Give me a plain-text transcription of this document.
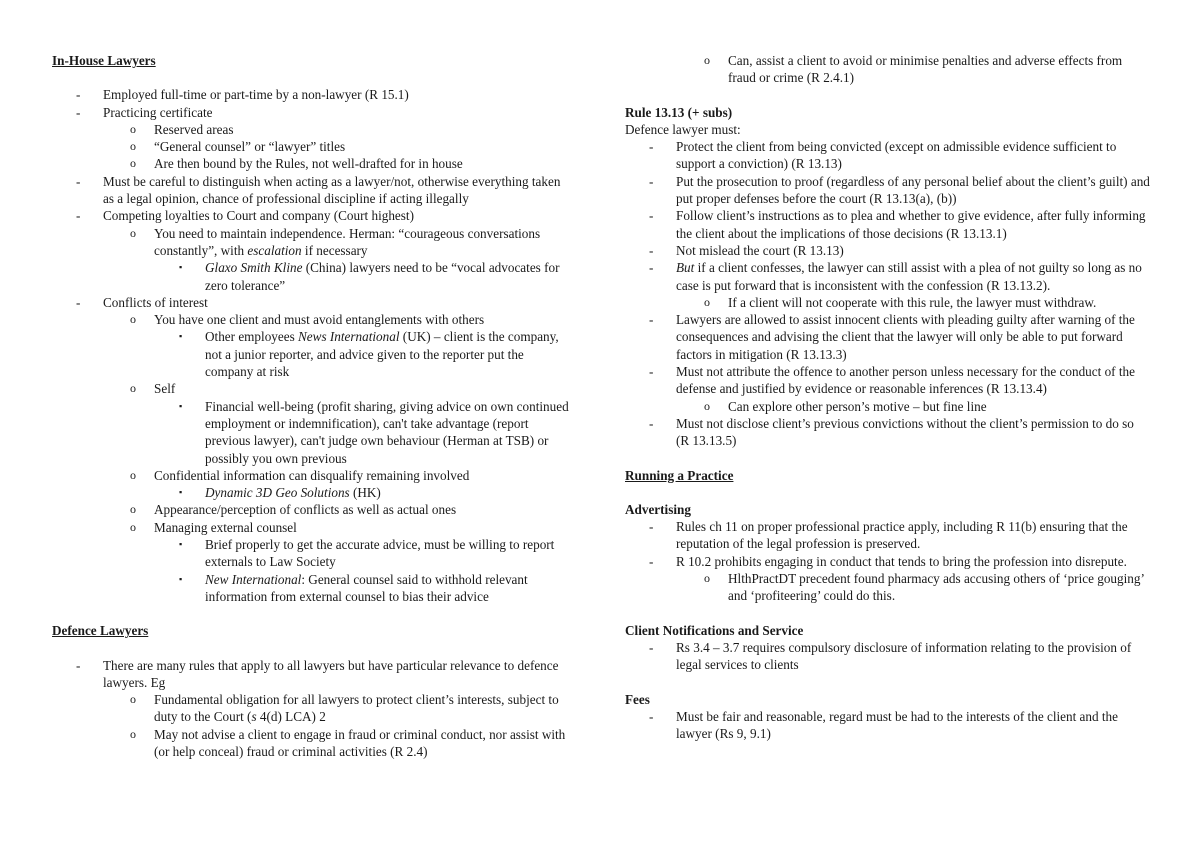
In-House Lawyers
- Employed full-time or part-time by a non-lawyer (R 15.1)
- Practicing certificate
o Reserved areas
o “General counsel” or “lawyer” titles
o Are then bound by the Rules, not well-drafted for in house
- Must be careful to distinguish when acting as a lawyer/not, otherwise everything taken as a legal opinion, chance of professional discipline if acting illegally
- Competing loyalties to Court and company (Court highest)
o You need to maintain independence. Herman: “courageous conversations constantly”, with escalation if necessary
▪ Glaxo Smith Kline (China) lawyers need to be “vocal advocates for zero tolerance”
- Conflicts of interest
o You have one client and must avoid entanglements with others
▪ Other employees News International (UK) – client is the company, not a junior reporter, and advice given to the reporter put the company at risk
o Self
▪ Financial well-being (profit sharing, giving advice on own continued employment or indemnification), can't take advantage (report previous lawyer), can't judge own behaviour (Herman at TSB) or possibly you own previous
o Confidential information can disqualify remaining involved
▪ Dynamic 3D Geo Solutions (HK)
o Appearance/perception of conflicts as well as actual ones
o Managing external counsel
▪ Brief properly to get the accurate advice, must be willing to report externals to Law Society
▪ New International: General counsel said to withhold relevant information from external counsel to bias their advice
Defence Lawyers
- There are many rules that apply to all lawyers but have particular relevance to defence lawyers. Eg
o Fundamental obligation for all lawyers to protect client’s interests, subject to duty to the Court (s 4(d) LCA) 2
o May not advise a client to engage in fraud or criminal conduct, nor assist with (or help conceal) fraud or criminal activities (R 2.4)
o Can, assist a client to avoid or minimise penalties and adverse effects from fraud or crime (R 2.4.1)
Rule 13.13 (+ subs)
Defence lawyer must:
- Protect the client from being convicted (except on admissible evidence sufficient to support a conviction) (R 13.13)
- Put the prosecution to proof (regardless of any personal belief about the client’s guilt) and put proper defenses before the court (R 13.13(a), (b))
- Follow client’s instructions as to plea and whether to give evidence, after fully informing the client about the implications of those decisions (R 13.13.1)
- Not mislead the court (R 13.13)
- But if a client confesses, the lawyer can still assist with a plea of not guilty so long as no case is put forward that is inconsistent with the confession (R 13.13.2).
o If a client will not cooperate with this rule, the lawyer must withdraw.
- Lawyers are allowed to assist innocent clients with pleading guilty after warning of the consequences and advising the client that the lawyer will only be able to put forward factors in mitigation (R 13.13.3)
- Must not attribute the offence to another person unless necessary for the conduct of the defense and justified by evidence or reasonable inferences (R 13.13.4)
o Can explore other person’s motive – but fine line
- Must not disclose client’s previous convictions without the client’s permission to do so (R 13.13.5)
Running a Practice
Advertising
- Rules ch 11 on proper professional practice apply, including R 11(b) ensuring that the reputation of the legal profession is preserved.
- R 10.2 prohibits engaging in conduct that tends to bring the profession into disrepute.
o HlthPractDT precedent found pharmacy ads accusing others of ‘price gouging’ and ‘profiteering’ could do this.
Client Notifications and Service
- Rs 3.4 – 3.7 requires compulsory disclosure of information relating to the provision of legal services to clients
Fees
- Must be fair and reasonable, regard must be had to the interests of the client and the lawyer (Rs 9, 9.1)
